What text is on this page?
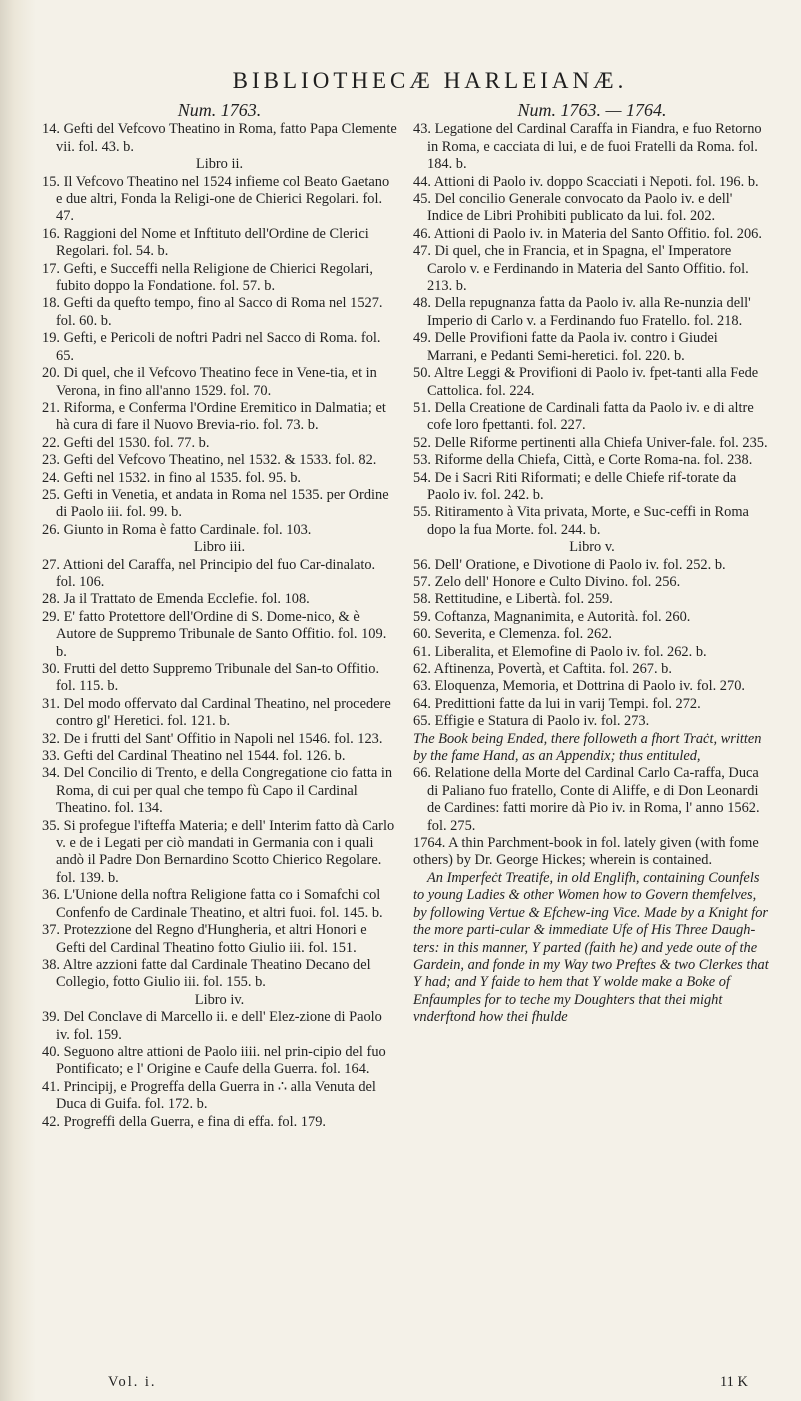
BIBLIOTHECÆ HARLEIANÆ.
Num. 1763.

14. Gefti del Vefcovo Theatino in Roma, fatto Papa Clemente vii. fol. 43. b.

Libro ii.

15. Il Vefcovo Theatino nel 1524 infieme col Beato Gaetano e due altri, Fonda la Religi-one de Chierici Regolari. fol. 47.

16. Raggioni del Nome et Inftituto dell'Ordine de Clerici Regolari. fol. 54. b.

17. Gefti, e Succeffi nella Religione de Chierici Regolari, fubito doppo la Fondatione. fol. 57. b.

18. Gefti da quefto tempo, fino al Sacco di Roma nel 1527. fol. 60. b.

19. Gefti, e Pericoli de noftri Padri nel Sacco di Roma. fol. 65.

20. Di quel, che il Vefcovo Theatino fece in Vene-tia, et in Verona, in fino all'anno 1529. fol. 70.

21. Riforma, e Conferma l'Ordine Eremitico in Dalmatia; et hà cura di fare il Nuovo Brevia-rio. fol. 73. b.

22. Gefti del 1530. fol. 77. b.

23. Gefti del Vefcovo Theatino, nel 1532. & 1533. fol. 82.

24. Gefti nel 1532. in fino al 1535. fol. 95. b.

25. Gefti in Venetia, et andata in Roma nel 1535. per Ordine di Paolo iii. fol. 99. b.

26. Giunto in Roma è fatto Cardinale. fol. 103.

Libro iii.

27. Attioni del Caraffa, nel Principio del fuo Car-dinalato. fol. 106.

28. Ja il Trattato de Emenda Ecclefie. fol. 108.

29. E' fatto Protettore dell'Ordine di S. Dome-nico, & è Autore de Suppremo Tribunale de Santo Offitio. fol. 109. b.

30. Frutti del detto Suppremo Tribunale del San-to Offitio. fol. 115. b.

31. Del modo offervato dal Cardinal Theatino, nel procedere contro gl' Heretici. fol. 121. b.

32. De i frutti del Sant' Offitio in Napoli nel 1546. fol. 123.

33. Gefti del Cardinal Theatino nel 1544. fol. 126. b.

34. Del Concilio di Trento, e della Congregatione cio fatta in Roma, di cui per qual che tempo fù Capo il Cardinal Theatino. fol. 134.

35. Si profegue l'ifteffa Materia; e dell' Interim fatto dà Carlo v. e de i Legati per ciò mandati in Germania con i quali andò il Padre Don Bernardino Scotto Chierico Regolare. fol. 139. b.

36. L'Unione della noftra Religione fatta co i Somafchi col Confenfo de Cardinale Theatino, et altri fuoi. fol. 145. b.

37. Protezzione del Regno d'Hungheria, et altri Honori e Gefti del Cardinal Theatino fotto Giulio iii. fol. 151.

38. Altre azzioni fatte dal Cardinale Theatino Decano del Collegio, fotto Giulio iii. fol. 155. b.

Libro iv.

39. Del Conclave di Marcello ii. e dell' Elez-zione di Paolo iv. fol. 159.

40. Seguono altre attioni de Paolo iiii. nel prin-cipio del fuo Pontificato; e l' Origine e Caufe della Guerra. fol. 164.

41. Principij, e Progreffa della Guerra in ∴ alla Venuta del Duca di Guifa. fol. 172. b.

42. Progreffi della Guerra, e fina di effa. fol. 179.

Num. 1763. — 1764.

43. Legatione del Cardinal Caraffa in Fiandra, e fuo Retorno in Roma, e cacciata di lui, e de fuoi Fratelli da Roma. fol. 184. b.

44. Attioni di Paolo iv. doppo Scacciati i Nepoti. fol. 196. b.

45. Del concilio Generale convocato da Paolo iv. e dell' Indice de Libri Prohibiti publicato da lui. fol. 202.

46. Attioni di Paolo iv. in Materia del Santo Offitio. fol. 206.

47. Di quel, che in Francia, et in Spagna, el' Imperatore Carolo v. e Ferdinando in Materia del Santo Offitio. fol. 213. b.

48. Della repugnanza fatta da Paolo iv. alla Re-nunzia dell' Imperio di Carlo v. a Ferdinando fuo Fratello. fol. 218.

49. Delle Provifioni fatte da Paola iv. contro i Giudei Marrani, e Pedanti Semi-heretici. fol. 220. b.

50. Altre Leggi & Provifioni di Paolo iv. fpet-tanti alla Fede Cattolica. fol. 224.

51. Della Creatione de Cardinali fatta da Paolo iv. e di altre cofe loro fpettanti. fol. 227.

52. Delle Riforme pertinenti alla Chiefa Univer-fale. fol. 235.

53. Riforme della Chiefa, Città, e Corte Roma-na. fol. 238.

54. De i Sacri Riti Riformati; e delle Chiefe rif-torate da Paolo iv. fol. 242. b.

55. Ritiramento à Vita privata, Morte, e Suc-ceffi in Roma dopo la fua Morte. fol. 244. b.

Libro v.

56. Dell' Oratione, e Divotione di Paolo iv. fol. 252. b.

57. Zelo dell' Honore e Culto Divino. fol. 256.

58. Rettitudine, e Libertà. fol. 259.

59. Coftanza, Magnanimita, e Autorità. fol. 260.

60. Severita, e Clemenza. fol. 262.

61. Liberalita, et Elemofine di Paolo iv. fol. 262. b.

62. Aftinenza, Povertà, et Caftita. fol. 267. b.

63. Eloquenza, Memoria, et Dottrina di Paolo iv. fol. 270.

64. Predittioni fatte da lui in varij Tempi. fol. 272.

65. Effigie e Statura di Paolo iv. fol. 273.

The Book being Ended, there followeth a fhort Traċt, written by the fame Hand, as an Appendix; thus entituled,

66. Relatione della Morte del Cardinal Carlo Ca-raffa, Duca di Paliano fuo fratello, Conte di Aliffe, e di Don Leonardi de Cardines: fatti morire dà Pio iv. in Roma, l' anno 1562. fol. 275.

1764. A thin Parchment-book in fol. lately given (with fome others) by Dr. George Hickes; wherein is contained.

An Imperfeċt Treatife, in old Englifh, containing Counfels to young Ladies & other Women how to Govern themfelves, by following Vertue & Efchew-ing Vice. Made by a Knight for the more parti-cular & immediate Ufe of His Three Daugh-ters: in this manner, Y parted (faith he) and yede oute of the Gardein, and fonde in my Way two Preftes & two Clerkes that Y had; and Y faide to hem that Y wolde make a Boke of Enfaumples for to teche my Doughters that thei might vnderftond how thei fhulde

Vol. i.	11 K
